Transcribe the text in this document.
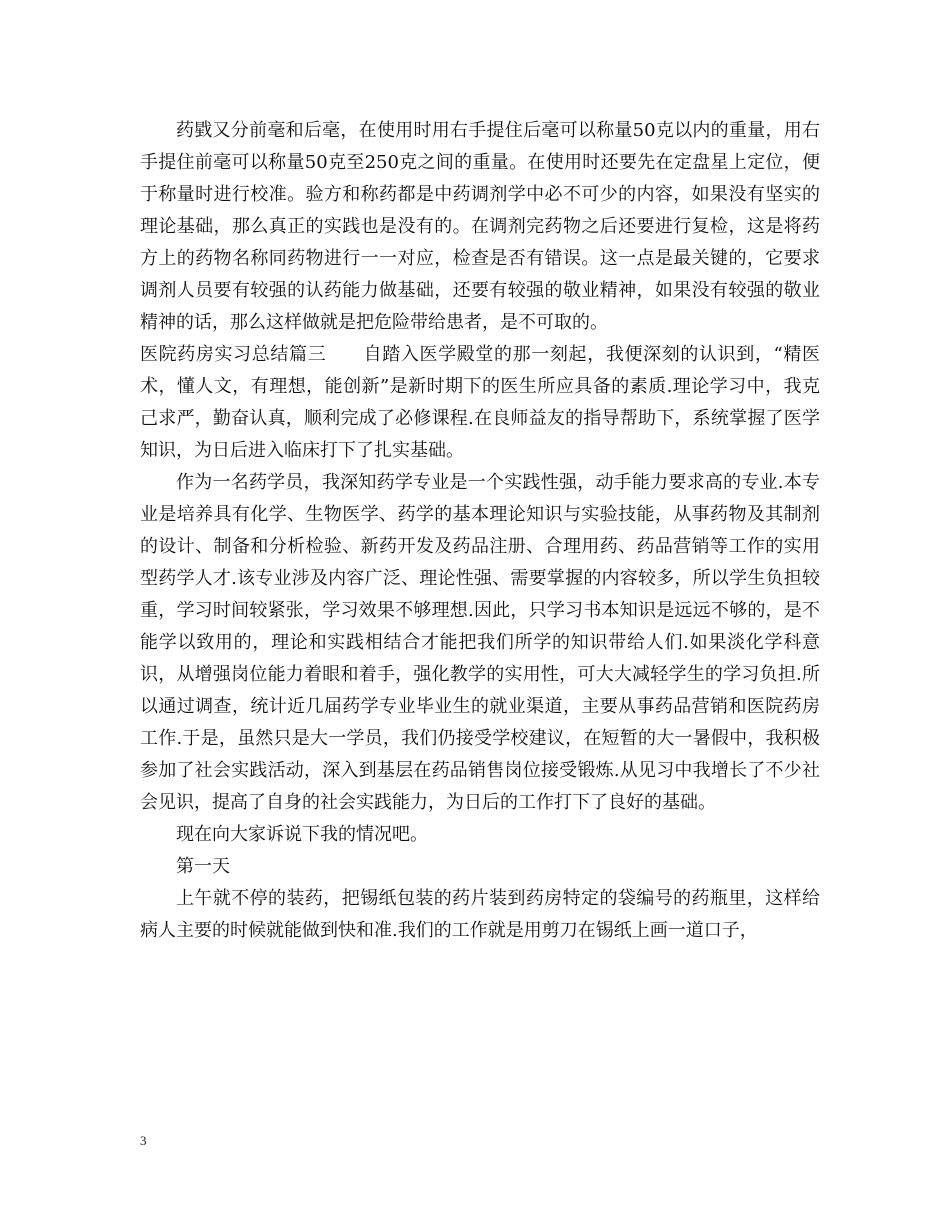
药戥又分前毫和后毫，在使用时用右手提住后毫可以称量50克以内的重量，用右手提住前毫可以称量50克至250克之间的重量。在使用时还要先在定盘星上定位，便于称量时进行校准。验方和称药都是中药调剂学中必不可少的内容，如果没有坚实的理论基础，那么真正的实践也是没有的。在调剂完药物之后还要进行复检，这是将药方上的药物名称同药物进行一一对应，检查是否有错误。这一点是最关键的，它要求调剂人员要有较强的认药能力做基础，还要有较强的敬业精神，如果没有较强的敬业精神的话，那么这样做就是把危险带给患者，是不可取的。

医院药房实习总结篇三　　自踏入医学殿堂的那一刻起，我便深刻的认识到，“精医术，懂人文，有理想，能创新”是新时期下的医生所应具备的素质.理论学习中，我克己求严，勤奋认真，顺利完成了必修课程.在良师益友的指导帮助下，系统掌握了医学知识，为日后进入临床打下了扎实基础。

作为一名药学员，我深知药学专业是一个实践性强，动手能力要求高的专业.本专业是培养具有化学、生物医学、药学的基本理论知识与实验技能，从事药物及其制剂的设计、制备和分析检验、新药开发及药品注册、合理用药、药品营销等工作的实用型药学人才.该专业涉及内容广泛、理论性强、需要掌握的内容较多，所以学生负担较重，学习时间较紧张，学习效果不够理想.因此，只学习书本知识是远远不够的，是不能学以致用的，理论和实践相结合才能把我们所学的知识带给人们.如果淡化学科意识，从增强岗位能力着眼和着手，强化教学的实用性，可大大减轻学生的学习负担.所以通过调查，统计近几届药学专业毕业生的就业渠道，主要从事药品营销和医院药房工作.于是，虽然只是大一学员，我们仍接受学校建议，在短暂的大一暑假中，我积极参加了社会实践活动，深入到基层在药品销售岗位接受锻炼.从见习中我增长了不少社会见识，提高了自身的社会实践能力，为日后的工作打下了良好的基础。

现在向大家诉说下我的情况吧。

第一天

上午就不停的装药，把锡纸包装的药片装到药房特定的袋编号的药瓶里，这样给病人主要的时候就能做到快和准.我们的工作就是用剪刀在锡纸上画一道口子，

3
